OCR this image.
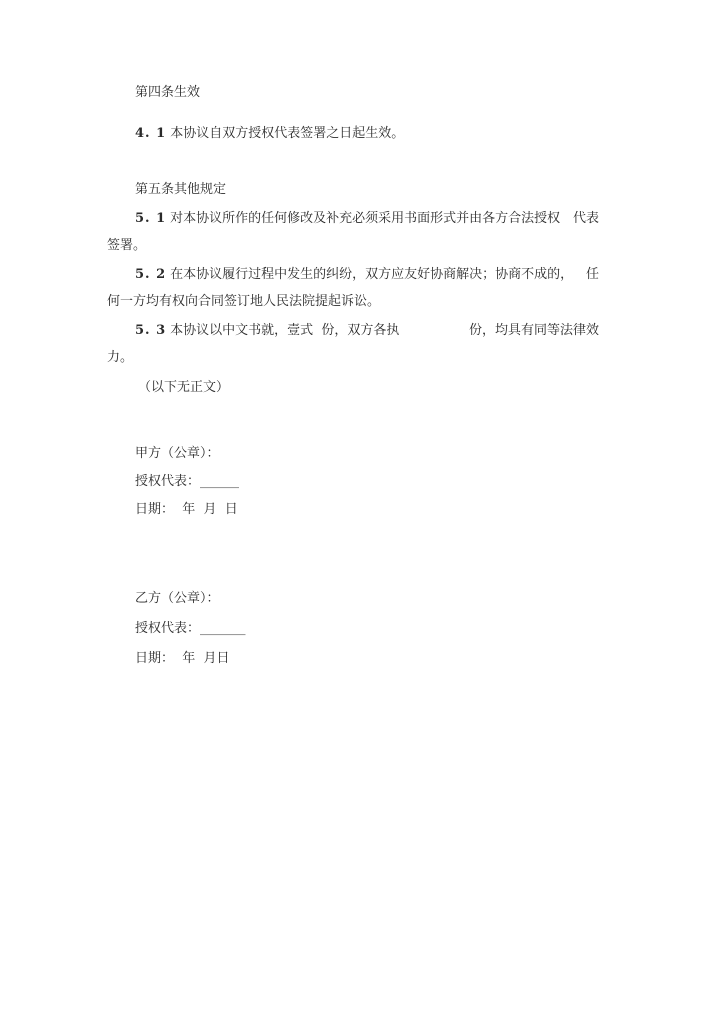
第四条生效
4. 1 本协议自双方授权代表签署之日起生效。
第五条其他规定
5. 1 对本协议所作的任何修改及补充必须采用书面形式并由各方合法授权 代表
签署。
5. 2 在本协议履行过程中发生的纠纷，双方应友好协商解决；协商不成的， 任
何一方均有权向合同签订地人民法院提起诉讼。
5. 3 本协议以中文书就，壹式  份，双方各执	份，均具有同等法律效
力。
（以下无正文）
甲方（公章）：
授权代表：______
日期：  年  月  日
乙方（公章）：
授权代表：_______
日期：  年  月日
